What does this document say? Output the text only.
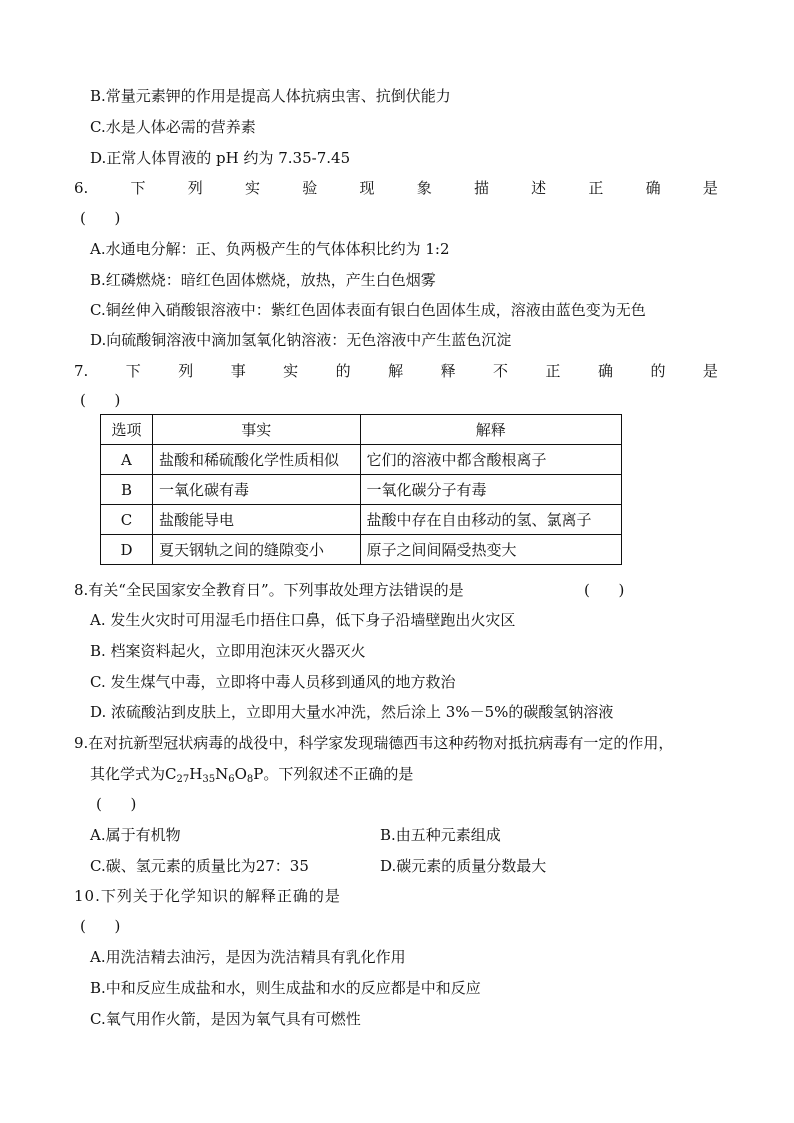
B.常量元素钾的作用是提高人体抗病虫害、抗倒伏能力
C.水是人体必需的营养素
D.正常人体胃液的 pH 约为 7.35-7.45
6.	下	列	实	验	现	象	描	述	正	确	是
(      )
A.水通电分解：正、负两极产生的气体体积比约为 1:2
B.红磷燃烧：暗红色固体燃烧，放热，产生白色烟雾
C.铜丝伸入硝酸银溶液中：紫红色固体表面有银白色固体生成，溶液由蓝色变为无色
D.向硫酸铜溶液中滴加氢氧化钠溶液：无色溶液中产生蓝色沉淀
7. 下 列 事 实 的 解 释 不 正 确 的 是
(      )
选项	事实	解释
A	盐酸和稀硫酸化学性质相似	它们的溶液中都含酸根离子
B	一氧化碳有毒	一氧化碳分子有毒
C	盐酸能导电	盐酸中存在自由移动的氢、氯离子
D	夏天钢轨之间的缝隙变小	原子之间间隔受热变大
8.有关“全民国家安全教育日”。下列事故处理方法错误的是	(      )
A. 发生火灾时可用湿毛巾捂住口鼻，低下身子沿墙壁跑出火灾区
B. 档案资料起火，立即用泡沫灭火器灭火
C. 发生煤气中毒，立即将中毒人员移到通风的地方救治
D. 浓硫酸沾到皮肤上，立即用大量水冲洗，然后涂上 3%－5%的碳酸氢钠溶液
9.在对抗新型冠状病毒的战役中，科学家发现瑞德西韦这种药物对抵抗病毒有一定的作用，
其化学式为$C_{27}H_{35}N_6O_8P$。下列叙述不正确的是
(      )
A.属于有机物	B.由五种元素组成
C.碳、氢元素的质量比为27：35	D.碳元素的质量分数最大
10.下列关于化学知识的解释正确的是
(      )
A.用洗洁精去油污，是因为洗洁精具有乳化作用
B.中和反应生成盐和水，则生成盐和水的反应都是中和反应
C.氧气用作火箭，是因为氧气具有可燃性
